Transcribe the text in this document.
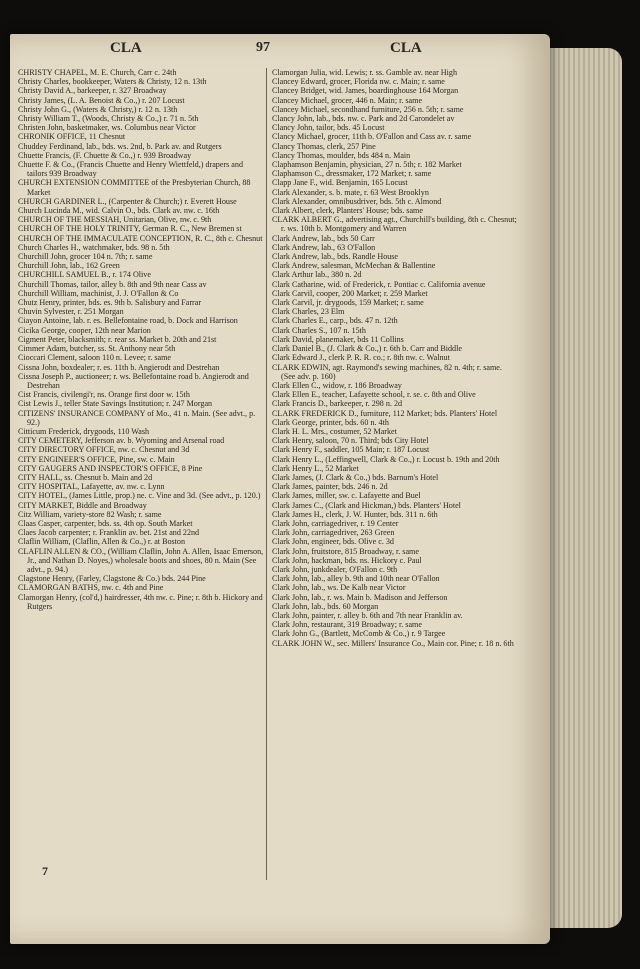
CLA	97	CLA

CHRISTY CHAPEL, M. E. Church, Carr c. 24th

Christy Charles, bookkeeper, Waters & Christy, 12 n. 13th

Christy David A., barkeeper, r. 327 Broadway

Christy James, (L. A. Benoist & Co.,) r. 207 Locust

Christy John G., (Waters & Christy,) r. 12 n. 13th

Christy William T., (Woods, Christy & Co.,) r. 71 n. 5th

Christen John, basketmaker, ws. Columbus near Victor

CHRONIK OFFICE, 11 Chesnut

Chuddey Ferdinand, lab., bds. ws. 2nd, b. Park av. and Rutgers

Chuette Francis, (F. Chuette & Co.,) r. 939 Broadway

Chuette F. & Co., (Francis Chuette and Henry Wiettfeld,) drapers and tailors 939 Broadway

CHURCH EXTENSION COMMITTEE of the Presbyterian Church, 88 Market

CHURCH GARDINER L., (Carpenter & Church;) r. Everett House

Church Lucinda M., wid. Calvin O., bds. Clark av. nw. c. 16th

CHURCH OF THE MESSIAH, Unitarian, Olive, nw. c. 9th

CHURCH OF THE HOLY TRINITY, German R. C., New Bremen st

CHURCH OF THE IMMACULATE CONCEPTION, R. C., 8th c. Chesnut

Church Charles H., watchmaker, bds. 98 n. 5th

Churchill John, grocer 104 n. 7th; r. same

Churchill John, lab., 162 Green

CHURCHILL SAMUEL B., r. 174 Olive

Churchill Thomas, tailor, alley b. 8th and 9th near Cass av

Churchill William, machinist, J. J. O'Fallon & Co

Chutz Henry, printer, bds. es. 9th b. Salisbury and Farrar

Chuvin Sylvester, r. 251 Morgan

Ciayon Antoine, lab. r. es. Bellefontaine road, b. Dock and Harrison

Cicika George, cooper, 12th near Marion

Cigment Peter, blacksmith; r. rear ss. Market b. 20th and 21st

Cimmer Adam, butcher, ss. St. Anthony near 5th

Cioccari Clement, saloon 110 n. Levee; r. same

Cissna John, boxdealer; r. es. 11th b. Angierodt and Destrehan

Cissna Joseph P., auctioneer; r. ws. Bellefontaine road b. Angierodt and Destrehan

Cist Francis, civilengi'r, ns. Orange first door w. 15th

Cist Lewis J., teller State Savings Institution; r. 247 Morgan

CITIZENS' INSURANCE COMPANY of Mo., 41 n. Main. (See advt., p. 92.)

Citticum Frederick, drygoods, 110 Wash

CITY CEMETERY, Jefferson av. b. Wyoming and Arsenal road

CITY DIRECTORY OFFICE, nw. c. Chesnut and 3d

CITY ENGINEER'S OFFICE, Pine, sw. c. Main

CITY GAUGERS AND INSPECTOR'S OFFICE, 8 Pine

CITY HALL, ss. Chesnut b. Main and 2d

CITY HOSPITAL, Lafayette, av. nw. c. Lynn

CITY HOTEL, (James Little, prop.) ne. c. Vine and 3d. (See advt., p. 120.)

CITY MARKET, Biddle and Broadway

Citz William, variety-store 82 Wash; r. same

Claas Casper, carpenter, bds. ss. 4th op. South Market

Claes Jacob carpenter; r. Franklin av. bet. 21st and 22nd

Claflin William, (Claflin, Allen & Co.,) r. at Boston

CLAFLIN ALLEN & CO., (William Claflin, John A. Allen, Isaac Emerson, Jr., and Nathan D. Noyes,) wholesale boots and shoes, 80 n. Main (See advt., p. 94.)

Clagstone Henry, (Farley, Clagstone & Co.) bds. 244 Pine

CLAMORGAN BATHS, nw. c. 4th and Pine

Clamorgan Henry, (col'd,) hairdresser, 4th nw. c. Pine; r. 8th b. Hickory and Rutgers

Clamorgan Julia, wid. Lewis; r. ss. Gamble av. near High

Clancey Edward, grocer, Florida nw. c. Main; r. same

Clancey Bridget, wid. James, boardinghouse 164 Morgan

Clancey Michael, grocer, 446 n. Main; r. same

Clancey Michael, secondhand furniture, 256 n. 5th; r. same

Clancy John, lab., bds. nw. c. Park and 2d Carondelet av

Clancy John, tailor, bds. 45 Locust

Clancy Michael, grocer, 11th b. O'Fallon and Cass av. r. same

Clancy Thomas, clerk, 257 Pine

Clancy Thomas, moulder, bds 484 n. Main

Claphamson Benjamin, physician, 27 n. 5th; r. 182 Market

Claphamson C., dressmaker, 172 Market; r. same

Clapp Jane F., wid. Benjamin, 165 Locust

Clark Alexander, s. b. mate, r. 63 West Brooklyn

Clark Alexander, omnibusdriver, bds. 5th c. Almond

Clark Albert, clerk, Planters' House; bds. same

CLARK ALBERT G., advertising agt., Churchill's building, 8th c. Chesnut; r. ws. 10th b. Montgomery and Warren

Clark Andrew, lab., bds 50 Carr

Clark Andrew, lab., 63 O'Fallon

Clark Andrew, lab., bds. Randle House

Clark Andrew, salesman, McMechan & Ballentine

Clark Arthur lab., 380 n. 2d

Clark Catharine, wid. of Frederick, r. Pontiac c. California avenue

Clark Carvil, cooper, 200 Market; r. 259 Market

Clark Carvil, jr. drygoods, 159 Market; r. same

Clark Charles, 23 Elm

Clark Charles E., carp., bds. 47 n. 12th

Clark Charles S., 107 n. 15th

Clark David, planemaker, bds 11 Collins

Clark Daniel B., (J. Clark & Co.,) r. 6th b. Carr and Biddle

Clark Edward J., clerk P. R. R. co.; r. 8th nw. c. Walnut

CLARK EDWIN, agt. Raymond's sewing machines, 82 n. 4th; r. same. (See adv. p. 160)

Clark Ellen C., widow, r. 186 Broadway

Clark Ellen E., teacher, Lafayette school, r. se. c. 8th and Olive

Clark Francis D., barkeeper, r. 298 n. 2d

CLARK FREDERICK D., furniture, 112 Market; bds. Planters' Hotel

Clark George, printer, bds. 60 n. 4th

Clark H. L. Mrs., costumer, 52 Market

Clark Henry, saloon, 70 n. Third; bds City Hotel

Clark Henry F., saddler, 105 Main; r. 187 Locust

Clark Henry L., (Leffingwell, Clark & Co.,) r. Locust b. 19th and 20th

Clark Henry L., 52 Market

Clark James, (J. Clark & Co.,) bds. Barnum's Hotel

Clark James, painter, bds. 246 n. 2d

Clark James, miller, sw. c. Lafayette and Buel

Clark James C., (Clark and Hickman,) bds. Planters' Hotel

Clark James H., clerk, J. W. Hunter, bds. 311 n. 6th

Clark John, carriagedriver, r. 19 Center

Clark John, carriagedriver, 263 Green

Clark John, engineer, bds. Olive c. 3d

Clark John, fruitstore, 815 Broadway, r. same

Clark John, hackman, bds. ns. Hickory c. Paul

Clark John, junkdealer, O'Fallon c. 9th

Clark John, lab., alley b. 9th and 10th near O'Fallon

Clark John, lab., ws. De Kalb near Victor

Clark John, lab., r. ws. Main b. Madison and Jefferson

Clark John, lab., bds. 60 Morgan

Clark John, painter, r. alley b. 6th and 7th near Franklin av.

Clark John, restaurant, 319 Broadway; r. same

Clark John G., (Bartlett, McComb & Co.,) r. 9 Targee

CLARK JOHN W., sec. Millers' Insurance Co., Main cor. Pine; r. 18 n. 6th

7
